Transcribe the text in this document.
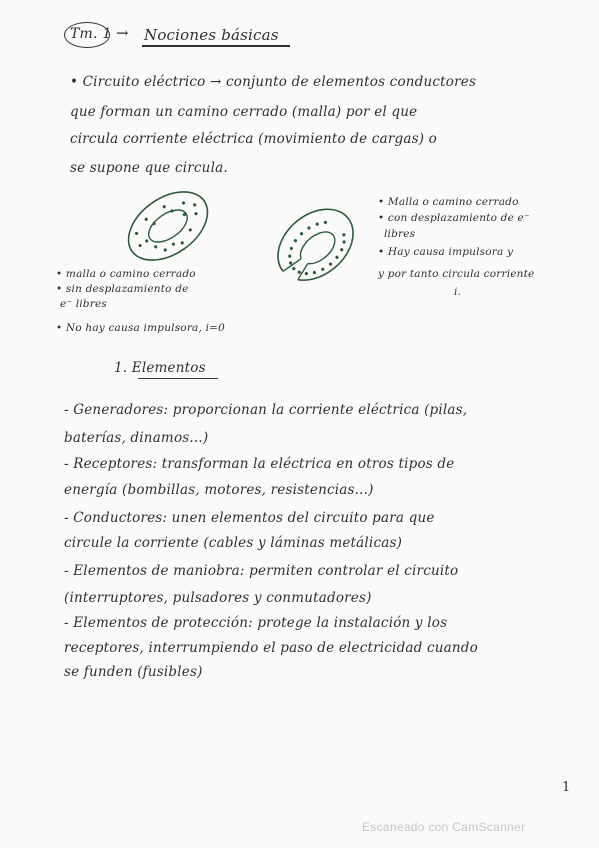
Tm. 1 → Nociones básicas
• Circuito eléctrico → conjunto de elementos conductores
que forman un camino cerrado (malla) por el que
circula corriente eléctrica (movimiento de cargas) o
se supone que circula.
• malla o camino cerrado
• sin desplazamiento de
e⁻ libres
• No hay causa impulsora, i=0
• Malla o camino cerrado
• con desplazamiento de e⁻
libres
• Hay causa impulsora y
y por tanto circula corriente
i.
1. Elementos
- Generadores: proporcionan la corriente eléctrica (pilas,
baterías, dinamos...)
- Receptores: transforman la eléctrica en otros tipos de
energía (bombillas, motores, resistencias...)
- Conductores: unen elementos del circuito para que
circule la corriente (cables y láminas metálicas)
- Elementos de maniobra: permiten controlar el circuito
(interruptores, pulsadores y conmutadores)
- Elementos de protección: protege la instalación y los
receptores, interrumpiendo el paso de electricidad cuando
se funden (fusibles)
1
Escaneado con CamScanner
